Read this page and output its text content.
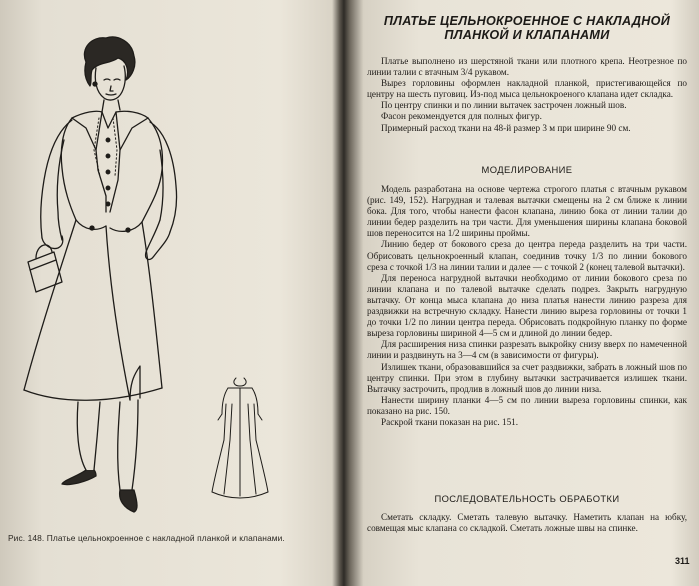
Рис. 148. Платье цельнокроенное с накладной планкой и клапанами.
ПЛАТЬЕ ЦЕЛЬНОКРОЕННОЕ С НАКЛАДНОЙ
ПЛАНКОЙ И КЛАПАНАМИ

Платье выполнено из шерстяной ткани или плотного крепа. Неотрезное по линии талии с втачным 3/4 рукавом.

Вырез горловины оформлен накладной планкой, пристегивающейся по центру на шесть пуговиц. Из-под мыса цельнокроеного клапана идет складка.

По центру спинки и по линии вытачек застрочен ложный шов.

Фасон рекомендуется для полных фигур.

Примерный расход ткани на 48-й размер 3 м при ширине 90 см.

МОДЕЛИРОВАНИЕ

Модель разработана на основе чертежа строгого платья с втачным рукавом (рис. 149, 152). Нагрудная и талевая вытачки смещены на 2 см ближе к линии бока. Для того, чтобы нанести фасон клапана, линию бока от линии талии до линии бедер разделить на три части. Для уменьшения ширины клапана боковой шов переносится на 1/2 ширины проймы.

Линию бедер от бокового среза до центра переда разделить на три части. Обрисовать цельнокроенный клапан, соединив точку 1/3 по линии бокового среза с точкой 1/3 на линии талии и далее — с точкой 2 (конец талевой вытачки).

Для переноса нагрудной вытачки необходимо от линии бокового среза по линии клапана и по талевой вытачке сделать подрез. Закрыть нагрудную вытачку. От конца мыса клапана до низа платья нанести линию разреза для раздвижки на встречную складку. Нанести линию выреза горловины от точки 1 до точки 1/2 по линии центра переда. Обрисовать подкройную планку по форме выреза горловины шириной 4—5 см и длиной до линии бедер.

Для расширения низа спинки разрезать выкройку снизу вверх по намеченной линии и раздвинуть на 3—4 см (в зависимости от фигуры).

Излишек ткани, образовавшийся за счет раздвижки, забрать в ложный шов по центру спинки. При этом в глубину вытачки застрачивается излишек ткани. Вытачку застрочить, продлив в ложный шов до линии низа.

Нанести ширину планки 4—5 см по линии выреза горловины спинки, как показано на рис. 150.

Раскрой ткани показан на рис. 151.

ПОСЛЕДОВАТЕЛЬНОСТЬ ОБРАБОТКИ

Сметать складку. Сметать талевую вытачку. Наметить клапан на юбку, совмещая мыс клапана со складкой. Сметать ложные швы на спинке.

311
